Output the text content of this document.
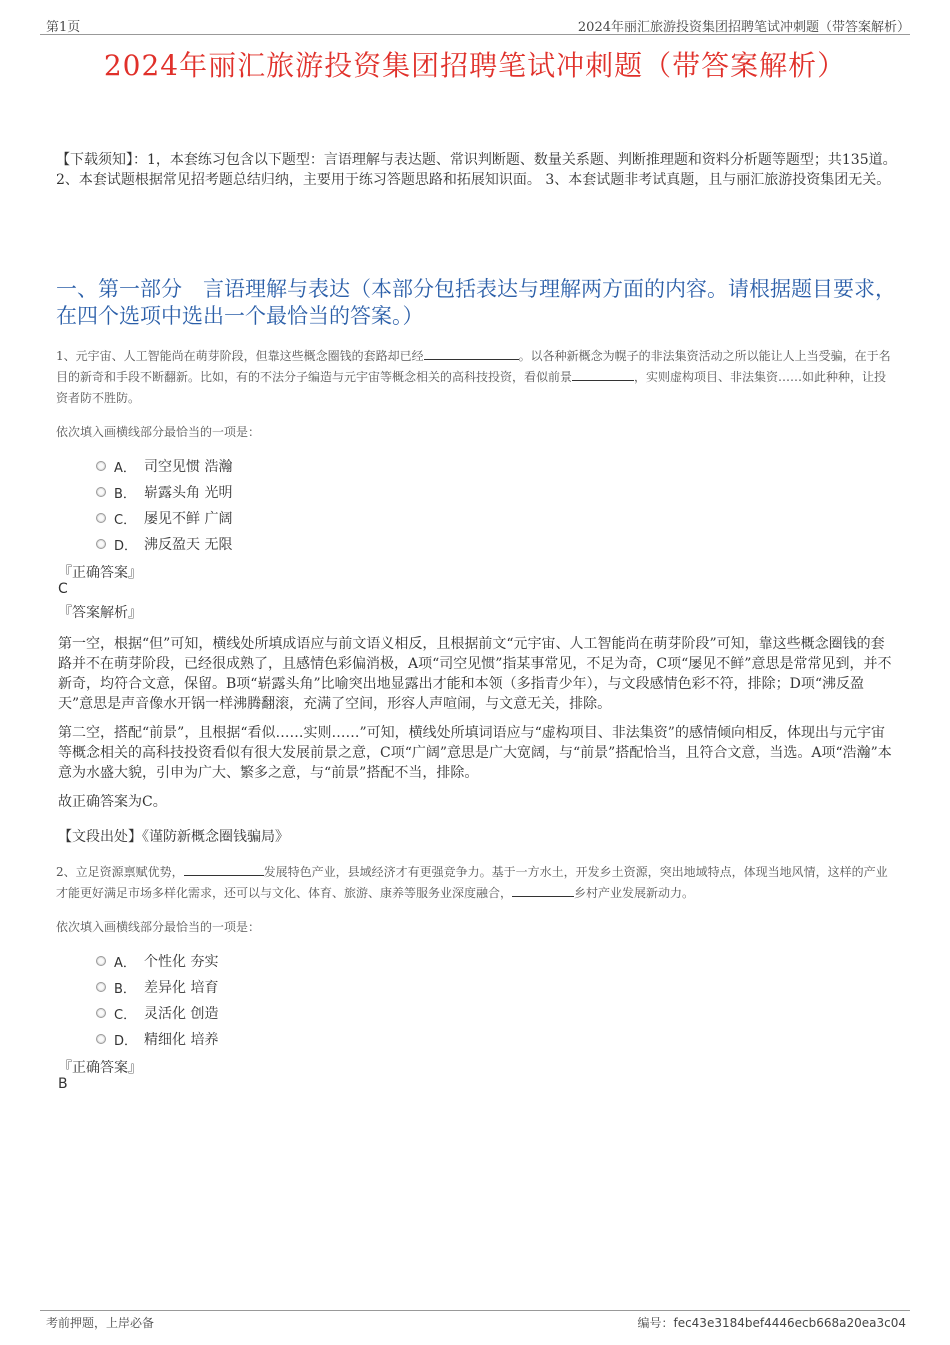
第1页	2024年丽汇旅游投资集团招聘笔试冲刺题（带答案解析）
2024年丽汇旅游投资集团招聘笔试冲刺题（带答案解析）
【下载须知】：1，本套练习包含以下题型：言语理解与表达题、常识判断题、数量关系题、判断推理题和资料分析题等题型；共135道。 2、本套试题根据常见招考题总结归纳，主要用于练习答题思路和拓展知识面。 3、本套试题非考试真题，且与丽汇旅游投资集团无关。
一、第一部分　言语理解与表达（本部分包括表达与理解两方面的内容。请根据题目要求，在四个选项中选出一个最恰当的答案。）
1、元宇宙、人工智能尚在萌芽阶段，但靠这些概念圈钱的套路却已经	。以各种新概念为幌子的非法集资活动之所以能让人上当受骗，在于名目的新奇和手段不断翻新。比如，有的不法分子编造与元宇宙等概念相关的高科技投资，看似前景	，实则虚构项目、非法集资……如此种种，让投资者防不胜防。
依次填入画横线部分最恰当的一项是：
A． 司空见惯 浩瀚
B． 崭露头角 光明
C． 屡见不鲜 广阔
D． 沸反盈天 无限
『正确答案』
C
『答案解析』
第一空，根据“但”可知，横线处所填成语应与前文语义相反，且根据前文“元宇宙、人工智能尚在萌芽阶段”可知，靠这些概念圈钱的套路并不在萌芽阶段，已经很成熟了，且感情色彩偏消极，A项“司空见惯”指某事常见，不足为奇，C项“屡见不鲜”意思是常常见到，并不新奇，均符合文意，保留。B项“崭露头角”比喻突出地显露出才能和本领（多指青少年），与文段感情色彩不符，排除；D项“沸反盈天”意思是声音像水开锅一样沸腾翻滚，充满了空间，形容人声喧闹，与文意无关，排除。
第二空，搭配“前景”，且根据“看似……实则……”可知，横线处所填词语应与“虚构项目、非法集资”的感情倾向相反，体现出与元宇宙等概念相关的高科技投资看似有很大发展前景之意，C项“广阔”意思是广大宽阔，与“前景”搭配恰当，且符合文意，当选。A项“浩瀚”本意为水盛大貌，引申为广大、繁多之意，与“前景”搭配不当，排除。
故正确答案为C。
【文段出处】《谨防新概念圈钱骗局》
2、立足资源禀赋优势，	发展特色产业，县域经济才有更强竞争力。基于一方水土，开发乡土资源，突出地域特点，体现当地风情，这样的产业才能更好满足市场多样化需求，还可以与文化、体育、旅游、康养等服务业深度融合，	乡村产业发展新动力。
依次填入画横线部分最恰当的一项是：
A． 个性化 夯实
B． 差异化 培育
C． 灵活化 创造
D． 精细化 培养
『正确答案』
B
考前押题，上岸必备	编号：fec43e3184bef4446ecb668a20ea3c04
